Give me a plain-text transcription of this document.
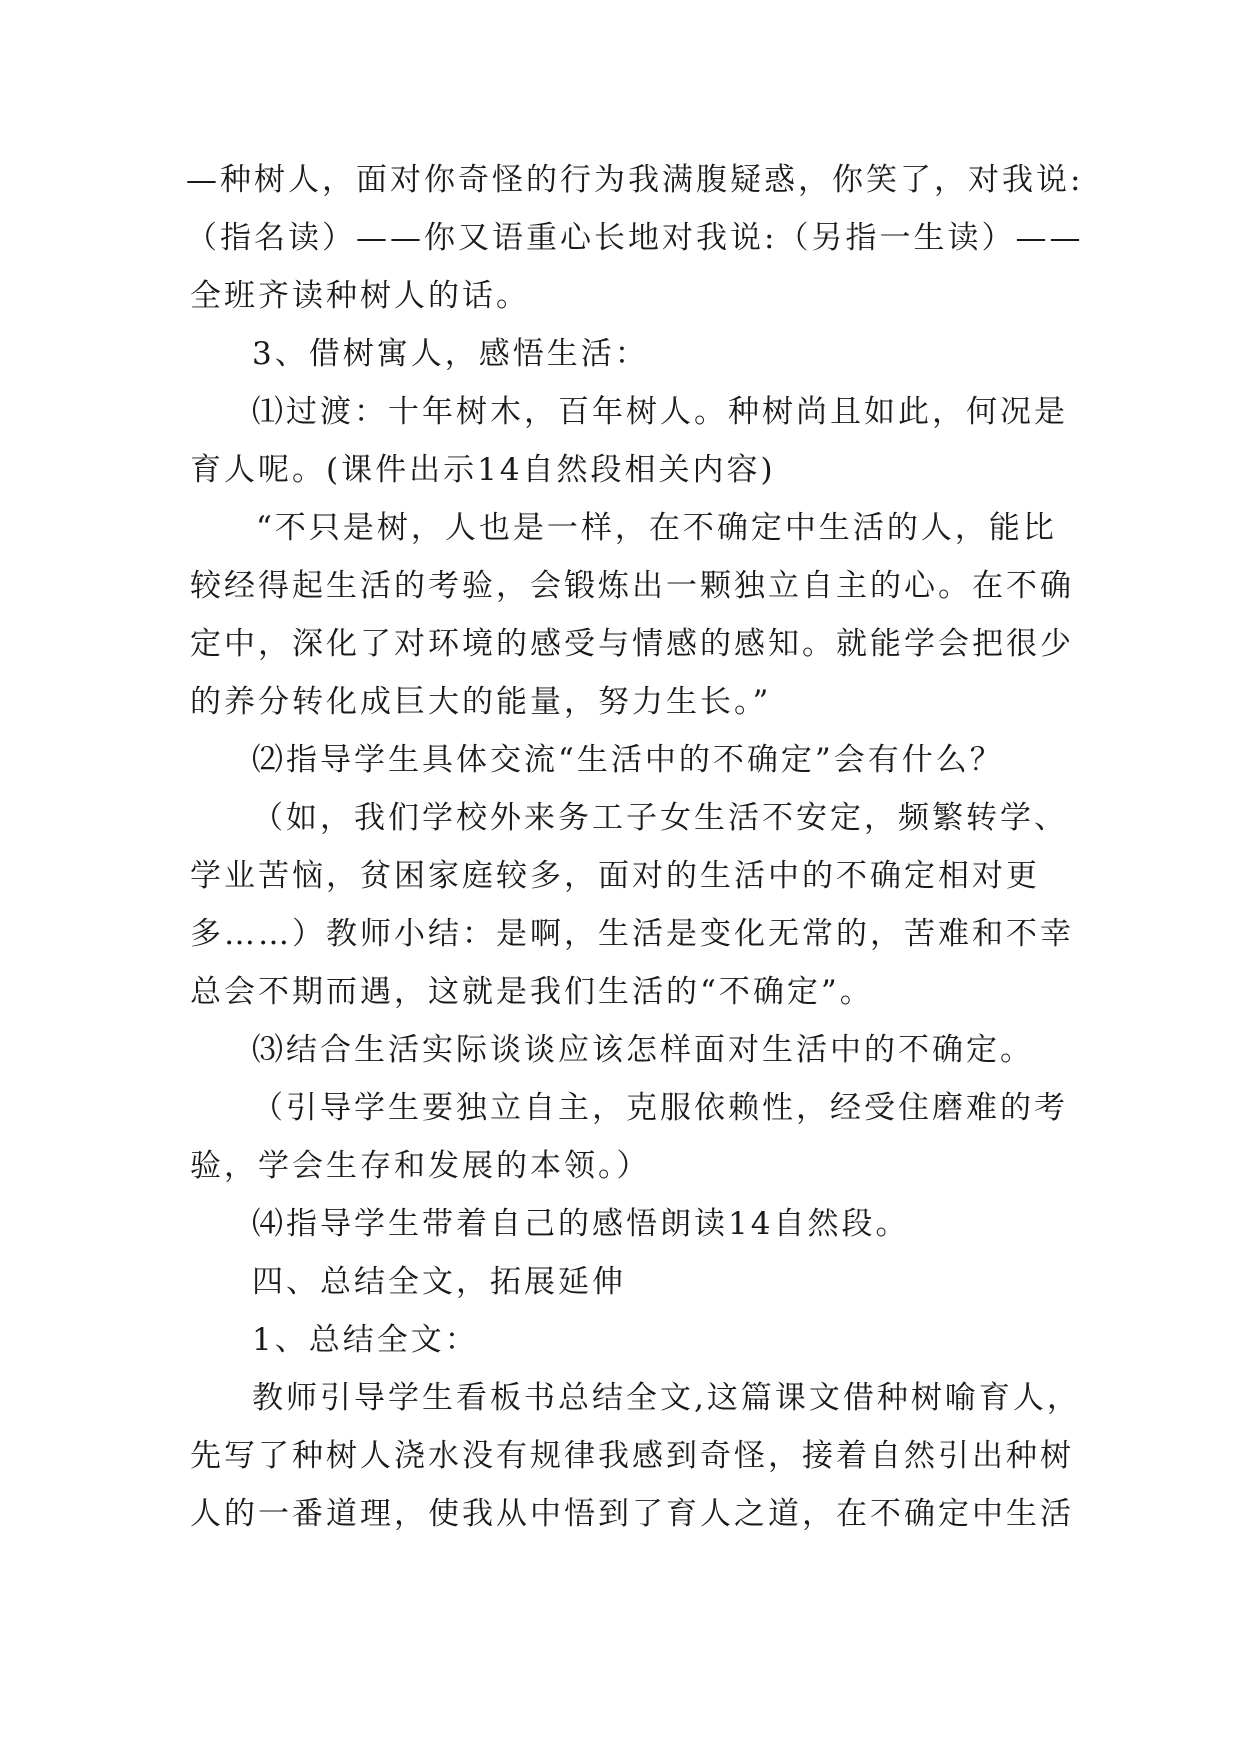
—种树人，面对你奇怪的行为我满腹疑惑，你笑了，对我说:
（指名读）——你又语重心长地对我说:（另指一生读）——
全班齐读种树人的话。
3、借树寓人，感悟生活：
⑴过渡：十年树木，百年树人。种树尚且如此，何况是
育人呢。(课件出示14自然段相关内容)
“不只是树，人也是一样，在不确定中生活的人，能比
较经得起生活的考验，会锻炼出一颗独立自主的心。在不确
定中，深化了对环境的感受与情感的感知。就能学会把很少
的养分转化成巨大的能量，努力生长。”
⑵指导学生具体交流“生活中的不确定”会有什么？
（如，我们学校外来务工子女生活不安定，频繁转学、
学业苦恼，贫困家庭较多，面对的生活中的不确定相对更
多……）教师小结：是啊，生活是变化无常的，苦难和不幸
总会不期而遇，这就是我们生活的“不确定”。
⑶结合生活实际谈谈应该怎样面对生活中的不确定。
（引导学生要独立自主，克服依赖性，经受住磨难的考
验，学会生存和发展的本领。）
⑷指导学生带着自己的感悟朗读14自然段。
四、总结全文，拓展延伸
1、总结全文：
教师引导学生看板书总结全文,这篇课文借种树喻育人，
先写了种树人浇水没有规律我感到奇怪，接着自然引出种树
人的一番道理，使我从中悟到了育人之道，在不确定中生活
